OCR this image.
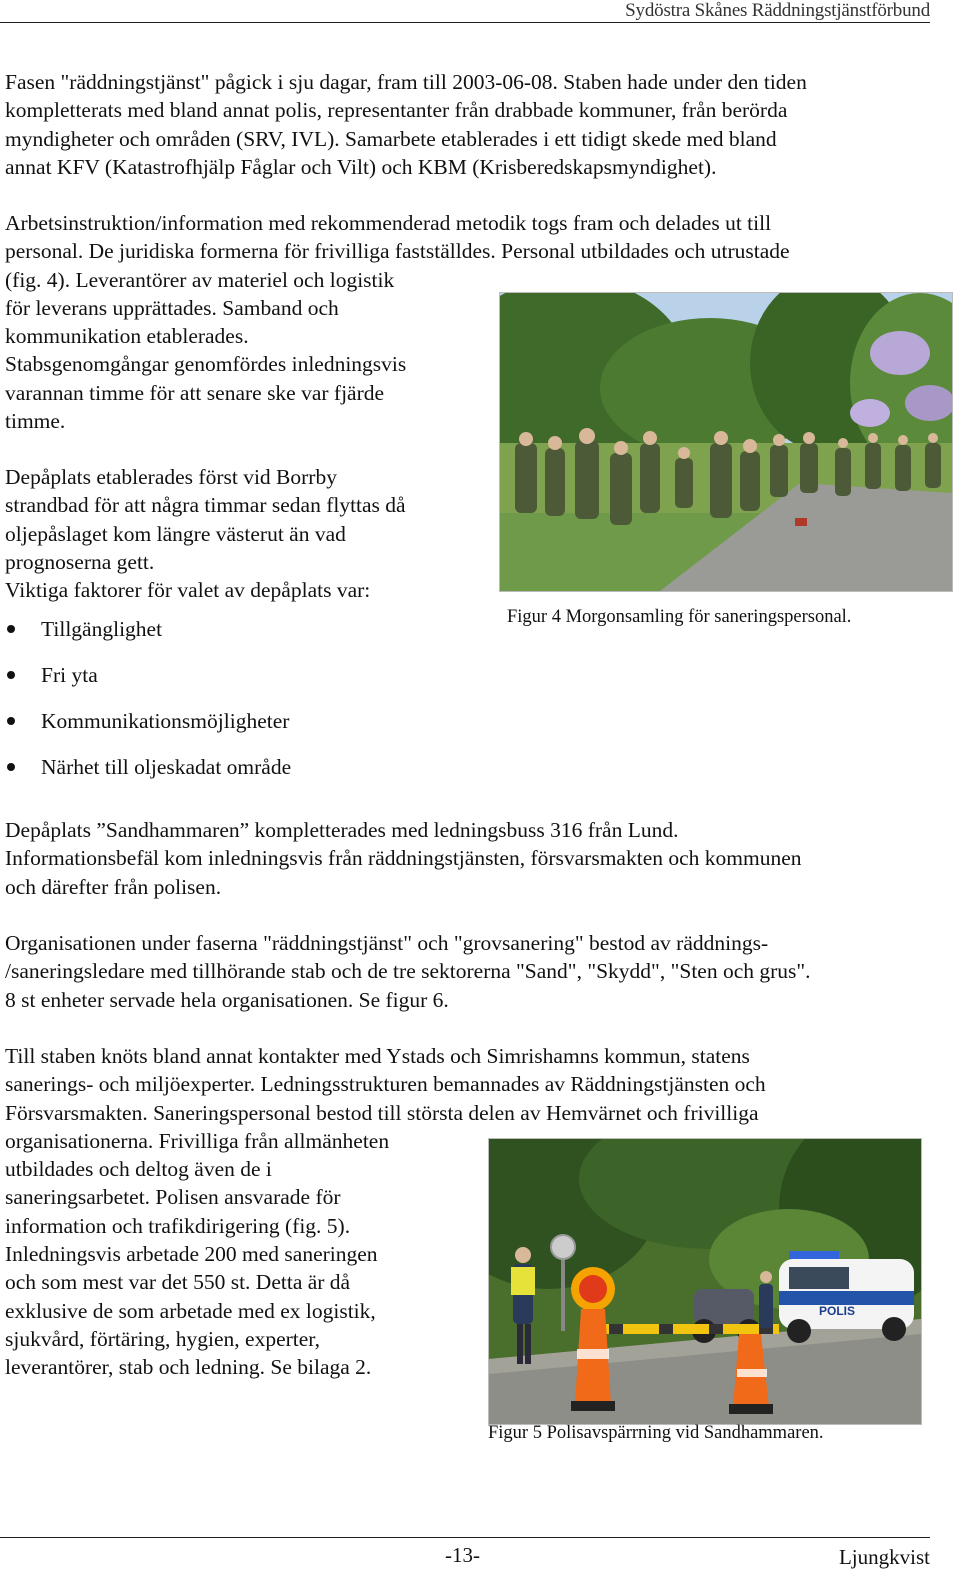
Sydöstra Skånes Räddningstjänstförbund
Fasen "räddningstjänst" pågick i sju dagar, fram till 2003-06-08. Staben hade under den tiden
kompletterats med bland annat polis, representanter från drabbade kommuner, från berörda
myndigheter och områden (SRV, IVL). Samarbete etablerades i ett tidigt skede med bland
annat KFV (Katastrofhjälp Fåglar och Vilt) och KBM (Krisberedskapsmyndighet).
Arbetsinstruktion/information med rekommenderad metodik togs fram och delades ut till
personal. De juridiska formerna för frivilliga fastställdes. Personal utbildades och utrustade
(fig. 4). Leverantörer av materiel och logistik
för leverans upprättades. Samband och
kommunikation etablerades.
Stabsgenomgångar genomfördes inledningsvis
varannan timme för att senare ske var fjärde
timme.
Figur 4 Morgonsamling för saneringspersonal.
Depåplats etablerades först vid Borrby
strandbad för att några timmar sedan flyttas då
oljepåslaget kom längre västerut än vad
prognoserna gett.
Viktiga faktorer för valet av depåplats var:
Tillgänglighet
Fri yta
Kommunikationsmöjligheter
Närhet till oljeskadat område
Depåplats ”Sandhammaren” kompletterades med ledningsbuss 316 från Lund.
Informationsbefäl kom inledningsvis från räddningstjänsten, försvarsmakten och kommunen
och därefter från polisen.
Organisationen under faserna "räddningstjänst" och "grovsanering" bestod av räddnings-
/saneringsledare med tillhörande stab och de tre sektorerna "Sand", "Skydd", "Sten och grus".
8 st enheter servade hela organisationen. Se figur 6.
Till staben knöts bland annat kontakter med Ystads och Simrishamns kommun, statens
sanerings- och miljöexperter. Ledningsstrukturen bemannades av Räddningstjänsten och
Försvarsmakten. Saneringspersonal bestod till största delen av Hemvärnet och frivilliga
organisationerna. Frivilliga från allmänheten
utbildades och deltog även de i
saneringsarbetet. Polisen ansvarade för
information och trafikdirigering (fig. 5).
Inledningsvis arbetade 200 med saneringen
och som mest var det 550 st. Detta är då
exklusive de som arbetade med ex logistik,
sjukvård, förtäring, hygien, experter,
leverantörer, stab och ledning. Se bilaga 2.
POLIS
Figur 5 Polisavspärrning vid Sandhammaren.
-13-	Ljungkvist
